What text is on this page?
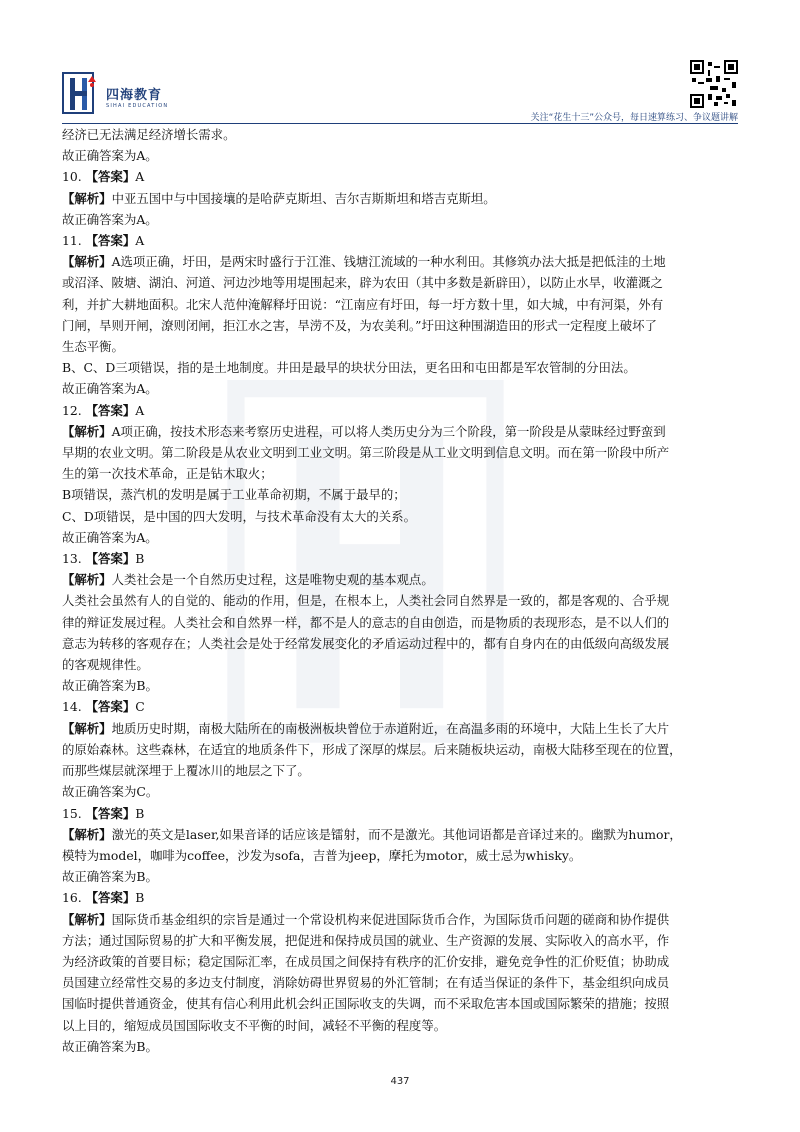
四海教育
SIHAI EDUCATION
关注“花生十三”公众号，每日速算练习、争议题讲解

经济已无法满足经济增长需求。

故正确答案为A。

10. 【答案】A

【解析】中亚五国中与中国接壤的是哈萨克斯坦、吉尔吉斯斯坦和塔吉克斯坦。

故正确答案为A。

11. 【答案】A

【解析】A选项正确，圩田，是两宋时盛行于江淮、钱塘江流域的一种水利田。其修筑办法大抵是把低洼的土地

或沼泽、陂塘、湖泊、河道、河边沙地等用堤围起来，辟为农田（其中多数是新辟田），以防止水旱，收灌溉之

利，并扩大耕地面积。北宋人范仲淹解释圩田说：“江南应有圩田，每一圩方数十里，如大城，中有河渠，外有

门闸，旱则开闸，潦则闭闸，拒江水之害，旱涝不及，为农美利。”圩田这种围湖造田的形式一定程度上破坏了

生态平衡。

B、C、D三项错误，指的是土地制度。井田是最早的块状分田法，更名田和屯田都是军农管制的分田法。

故正确答案为A。

12. 【答案】A

【解析】A项正确，按技术形态来考察历史进程，可以将人类历史分为三个阶段，第一阶段是从蒙昧经过野蛮到

早期的农业文明。第二阶段是从农业文明到工业文明。第三阶段是从工业文明到信息文明。而在第一阶段中所产

生的第一次技术革命，正是钻木取火；

B项错误，蒸汽机的发明是属于工业革命初期，不属于最早的；

C、D项错误，是中国的四大发明，与技术革命没有太大的关系。

故正确答案为A。

13. 【答案】B

【解析】人类社会是一个自然历史过程，这是唯物史观的基本观点。

人类社会虽然有人的自觉的、能动的作用，但是，在根本上，人类社会同自然界是一致的，都是客观的、合乎规

律的辩证发展过程。人类社会和自然界一样，都不是人的意志的自由创造，而是物质的表现形态，是不以人们的

意志为转移的客观存在；人类社会是处于经常发展变化的矛盾运动过程中的，都有自身内在的由低级向高级发展

的客观规律性。

故正确答案为B。

14. 【答案】C

【解析】地质历史时期，南极大陆所在的南极洲板块曾位于赤道附近，在高温多雨的环境中，大陆上生长了大片

的原始森林。这些森林，在适宜的地质条件下，形成了深厚的煤层。后来随板块运动，南极大陆移至现在的位置，

而那些煤层就深埋于上覆冰川的地层之下了。

故正确答案为C。

15. 【答案】B

【解析】激光的英文是laser,如果音译的话应该是镭射，而不是激光。其他词语都是音译过来的。幽默为humor，

模特为model，咖啡为coffee，沙发为sofa，吉普为jeep，摩托为motor，威士忌为whisky。

故正确答案为B。

16. 【答案】B

【解析】国际货币基金组织的宗旨是通过一个常设机构来促进国际货币合作，为国际货币问题的磋商和协作提供

方法；通过国际贸易的扩大和平衡发展，把促进和保持成员国的就业、生产资源的发展、实际收入的高水平，作

为经济政策的首要目标；稳定国际汇率，在成员国之间保持有秩序的汇价安排，避免竞争性的汇价贬值；协助成

员国建立经常性交易的多边支付制度，消除妨碍世界贸易的外汇管制；在有适当保证的条件下，基金组织向成员

国临时提供普通资金，使其有信心利用此机会纠正国际收支的失调，而不采取危害本国或国际繁荣的措施；按照

以上目的，缩短成员国国际收支不平衡的时间，减轻不平衡的程度等。

故正确答案为B。

437
